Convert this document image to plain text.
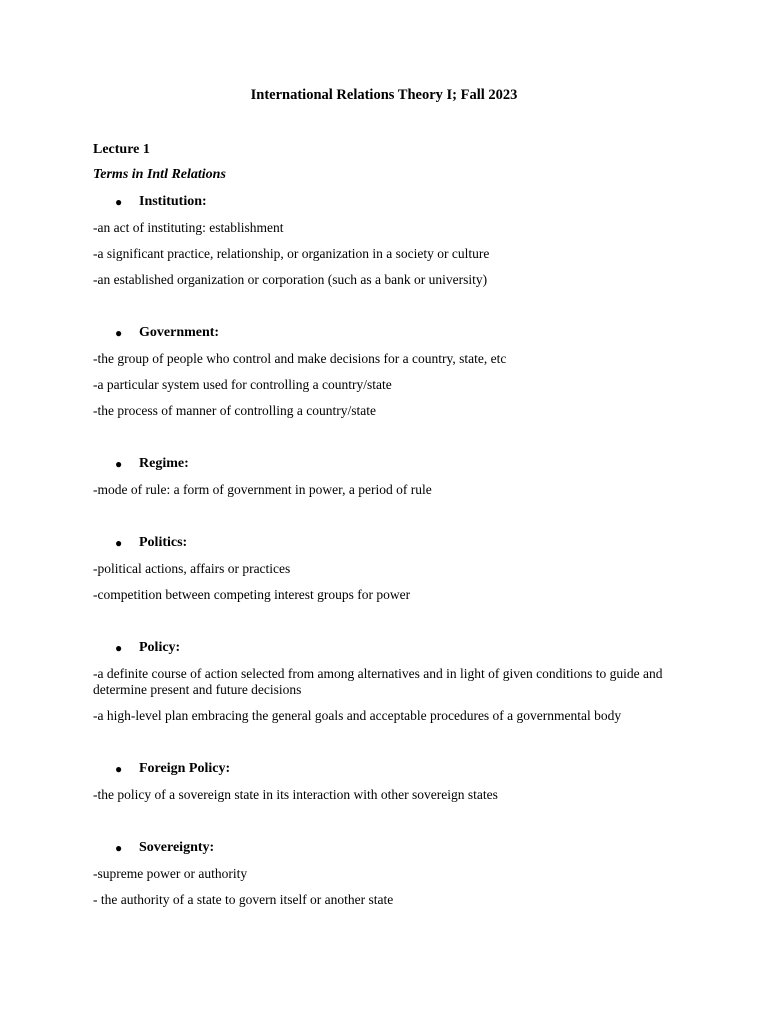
International Relations Theory I; Fall 2023

Lecture 1

Terms in Intl Relations

●	Institution:

-an act of instituting: establishment

-a significant practice, relationship, or organization in a society or culture

-an established organization or corporation (such as a bank or university)

●	Government:

-the group of people who control and make decisions for a country, state, etc

-a particular system used for controlling a country/state

-the process of manner of controlling a country/state

●	Regime:

-mode of rule: a form of government in power, a period of rule

●	Politics:

-political actions, affairs or practices

-competition between competing interest groups for power

●	Policy:

-a definite course of action selected from among alternatives and in light of given conditions to guide and determine present and future decisions

-a high-level plan embracing the general goals and acceptable procedures of a governmental body

●	Foreign Policy:

-the policy of a sovereign state in its interaction with other sovereign states

●	Sovereignty:

-supreme power or authority

- the authority of a state to govern itself or another state
